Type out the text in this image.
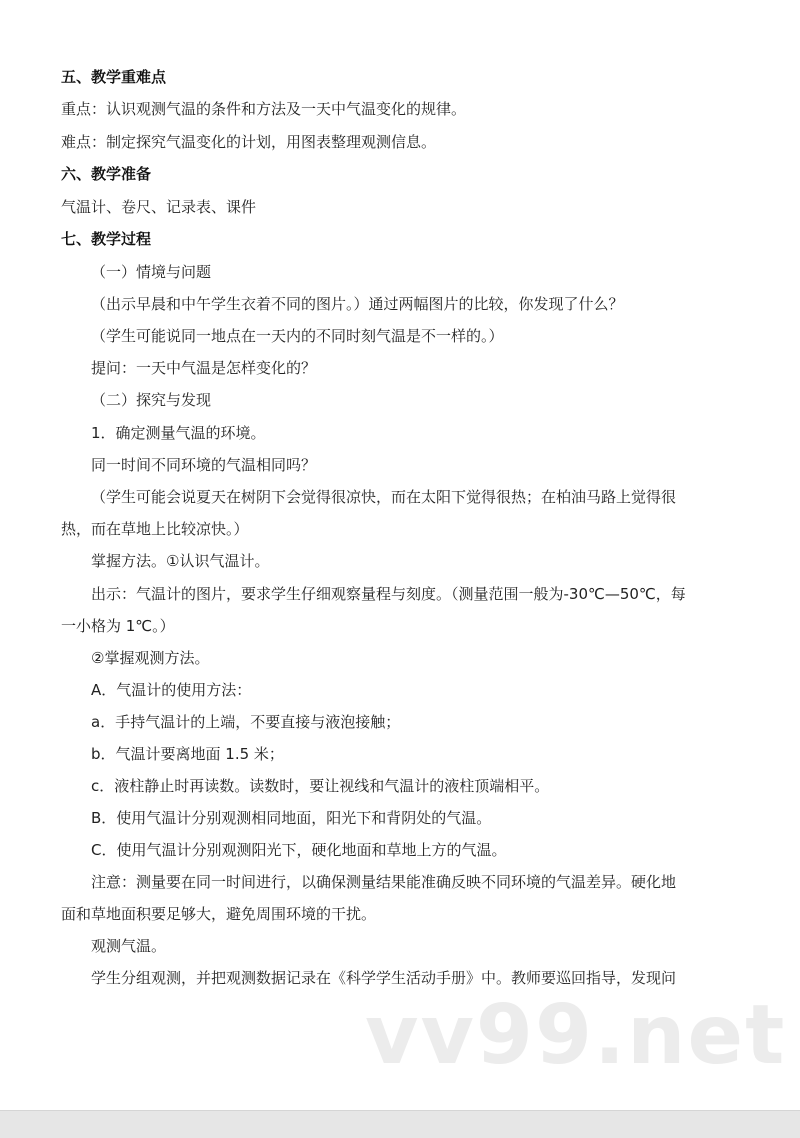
五、教学重难点
重点：认识观测气温的条件和方法及一天中气温变化的规律。
难点：制定探究气温变化的计划，用图表整理观测信息。
六、教学准备
气温计、卷尺、记录表、课件
七、教学过程
（一）情境与问题
（出示早晨和中午学生衣着不同的图片。）通过两幅图片的比较，你发现了什么？
（学生可能说同一地点在一天内的不同时刻气温是不一样的。）
提问：一天中气温是怎样变化的？
（二）探究与发现
1．确定测量气温的环境。
同一时间不同环境的气温相同吗？
（学生可能会说夏天在树阴下会觉得很凉快，而在太阳下觉得很热；在柏油马路上觉得很
热，而在草地上比较凉快。）
掌握方法。①认识气温计。
出示：气温计的图片，要求学生仔细观察量程与刻度。（测量范围一般为-30℃—50℃，每
一小格为 1℃。）
②掌握观测方法。
A．气温计的使用方法：
a．手持气温计的上端，不要直接与液泡接触；
b．气温计要离地面 1.5 米；
c．液柱静止时再读数。读数时，要让视线和气温计的液柱顶端相平。
B．使用气温计分别观测相同地面，阳光下和背阴处的气温。
C．使用气温计分别观测阳光下，硬化地面和草地上方的气温。
注意：测量要在同一时间进行，以确保测量结果能准确反映不同环境的气温差异。硬化地
面和草地面积要足够大，避免周围环境的干扰。
观测气温。
学生分组观测，并把观测数据记录在《科学学生活动手册》中。教师要巡回指导，发现问
vv99.net
